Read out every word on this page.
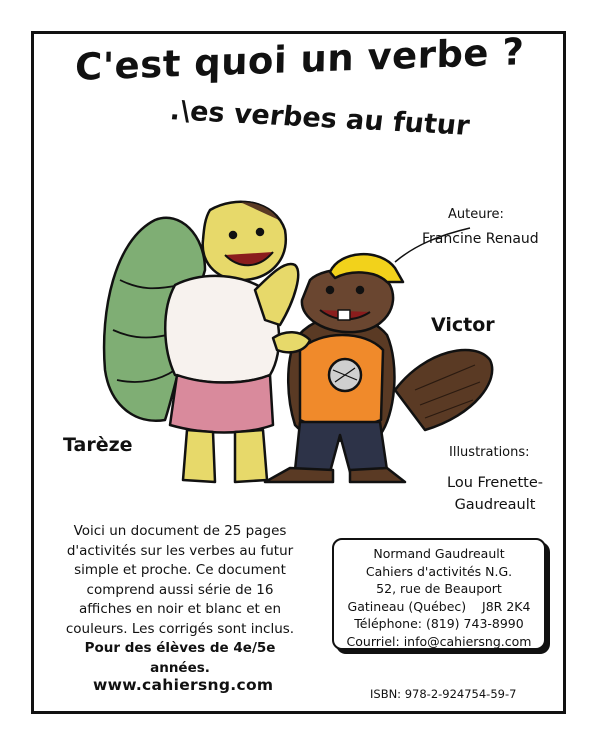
C'est quoi un verbe ?
.\es verbes au futur
Auteure:
Francine Renaud
Victor
Tarèze	Illustrations:
Lou Frenette-
Gaudreault
Voici un document de 25 pages
d'activités sur les verbes au futur
simple et proche. Ce document
comprend aussi série de 16
affiches en noir et blanc et en
couleurs. Les corrigés sont inclus.
Pour des élèves de 4e/5e années.
www.cahiersng.com
Normand Gaudreault
Cahiers d'activités N.G.
52, rue de Beauport
Gatineau (Québec)    J8R 2K4
Téléphone: (819) 743-8990
Courriel: info@cahiersng.com
ISBN: 978-2-924754-59-7
